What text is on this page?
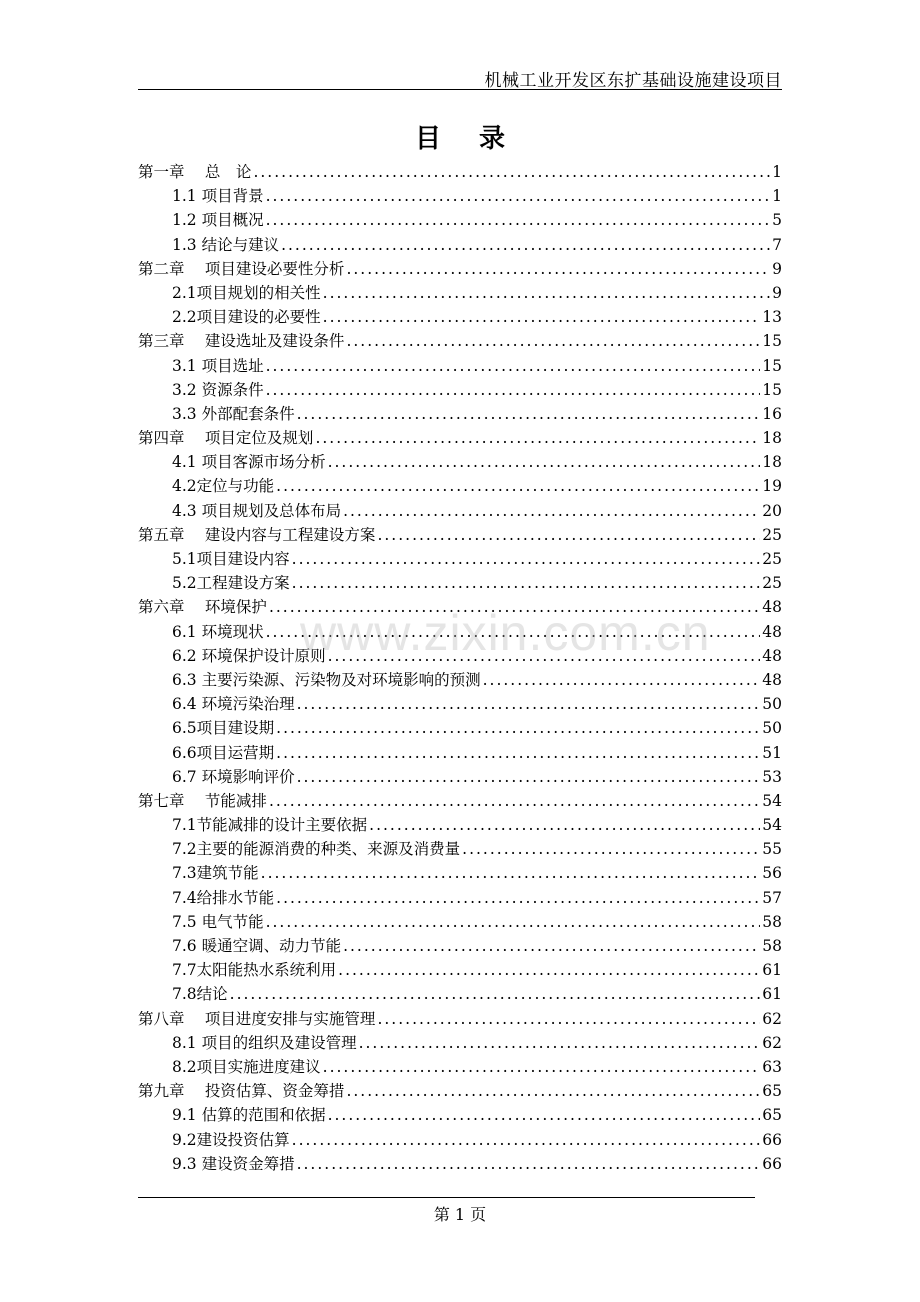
机械工业开发区东扩基础设施建设项目
目录
第一章　 总　论 .....	1
1.1 项目背景 .....	1
1.2 项目概况 .....	5
1.3 结论与建议 .....	7
第二章　 项目建设必要性分析 .....	9
2.1项目规划的相关性 .....	9
2.2项目建设的必要性 .....	13
第三章　 建设选址及建设条件 .....	15
3.1 项目选址 .....	15
3.2 资源条件 .....	15
3.3 外部配套条件 .....	16
第四章　 项目定位及规划 .....	18
4.1 项目客源市场分析 .....	18
4.2定位与功能 .....	19
4.3 项目规划及总体布局 .....	20
第五章　 建设内容与工程建设方案 .....	25
5.1项目建设内容 .....	25
5.2工程建设方案 .....	25
第六章　 环境保护 .....	48
6.1 环境现状 .....	48
6.2 环境保护设计原则 .....	48
6.3 主要污染源、污染物及对环境影响的预测 .....	48
6.4 环境污染治理 .....	50
6.5项目建设期 .....	50
6.6项目运营期 .....	51
6.7 环境影响评价 .....	53
第七章　 节能减排 .....	54
7.1节能减排的设计主要依据 .....	54
7.2主要的能源消费的种类、来源及消费量 .....	55
7.3建筑节能 .....	56
7.4给排水节能 .....	57
7.5 电气节能 .....	58
7.6 暖通空调、动力节能 .....	58
7.7太阳能热水系统利用 .....	61
7.8结论 .....	61
第八章　 项目进度安排与实施管理 .....	62
8.1 项目的组织及建设管理 .....	62
8.2项目实施进度建议 .....	63
第九章　 投资估算、资金筹措 .....	65
9.1 估算的范围和依据 .....	65
9.2建设投资估算 .....	66
9.3 建设资金筹措 .....	66
www.zixin.com.cn
第 1 页
